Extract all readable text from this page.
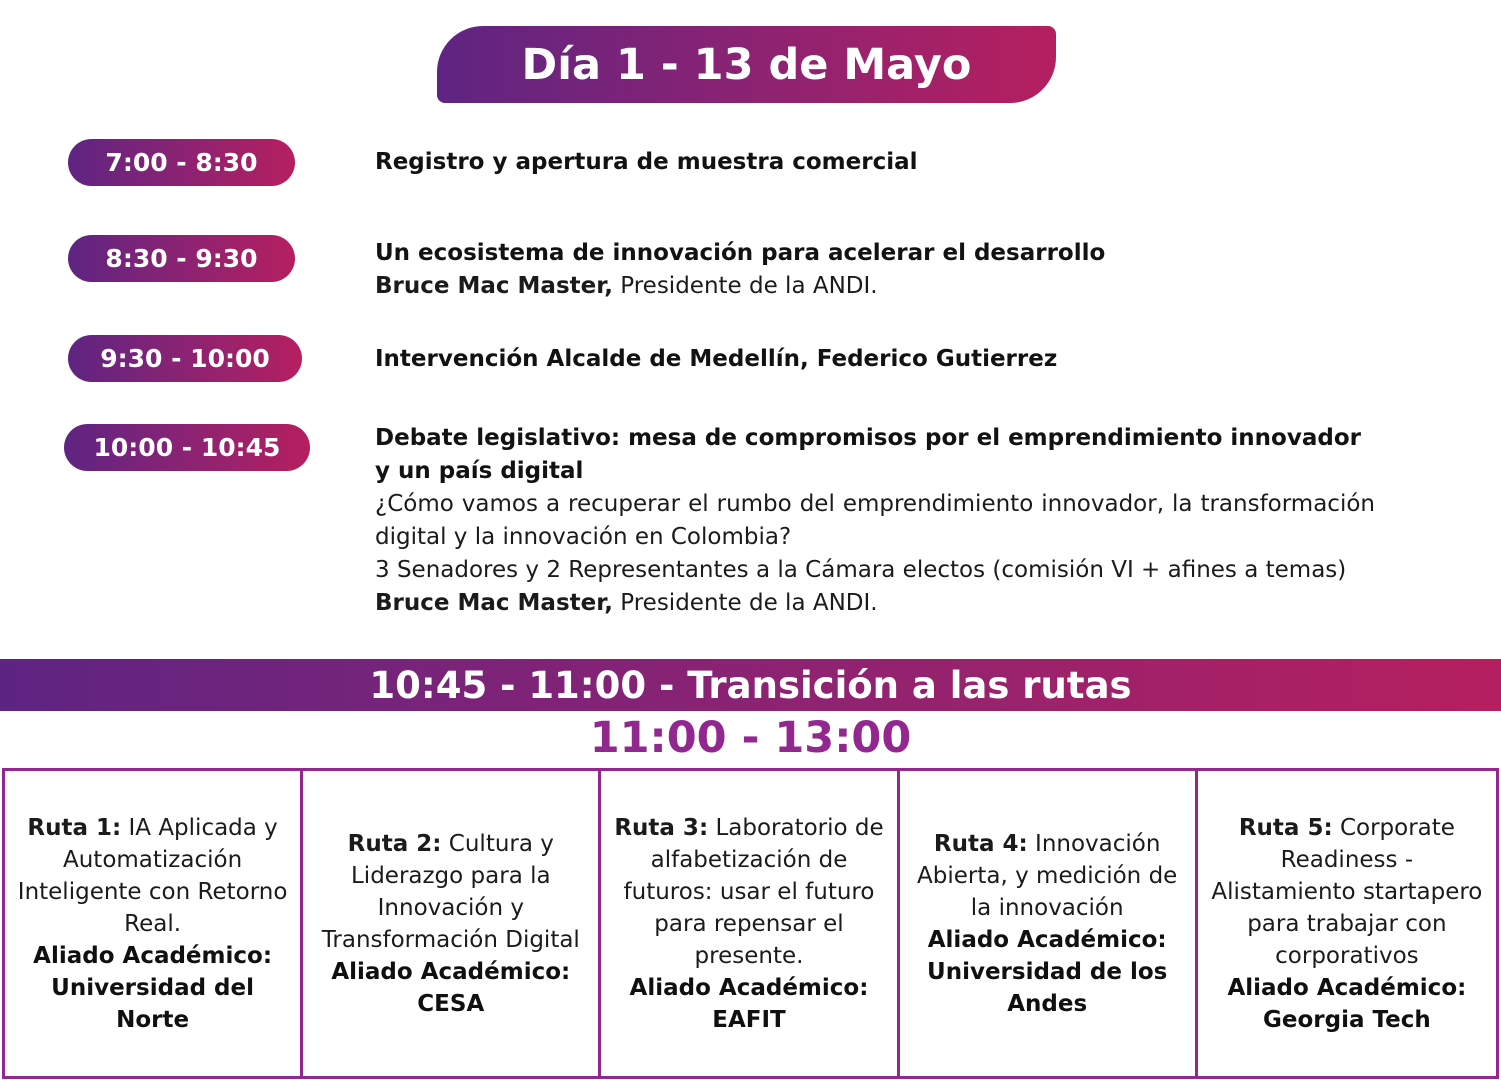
Día 1 - 13 de Mayo
7:00 - 8:30	Registro y apertura de muestra comercial
8:30 - 9:30	Un ecosistema de innovación para acelerar el desarrollo
Bruce Mac Master, Presidente de la ANDI.
9:30 - 10:00	Intervención Alcalde de Medellín, Federico Gutierrez
10:00 - 10:45	Debate legislativo: mesa de compromisos por el emprendimiento innovador y un país digital
¿Cómo vamos a recuperar el rumbo del emprendimiento innovador, la transformación digital y la innovación en Colombia?
3 Senadores y 2 Representantes a la Cámara electos (comisión VI + afines a temas)
Bruce Mac Master, Presidente de la ANDI.
10:45 - 11:00 - Transición a las rutas
11:00 - 13:00
Ruta 1: IA Aplicada y Automatización Inteligente con Retorno Real.
Aliado Académico:
Universidad del Norte
Ruta 2: Cultura y Liderazgo para la Innovación y Transformación Digital
Aliado Académico:
CESA
Ruta 3: Laboratorio de alfabetización de futuros: usar el futuro para repensar el presente.
Aliado Académico:
EAFIT
Ruta 4: Innovación Abierta, y medición de la innovación
Aliado Académico:
Universidad de los Andes
Ruta 5: Corporate Readiness - Alistamiento startapero para trabajar con corporativos
Aliado Académico:
Georgia Tech
